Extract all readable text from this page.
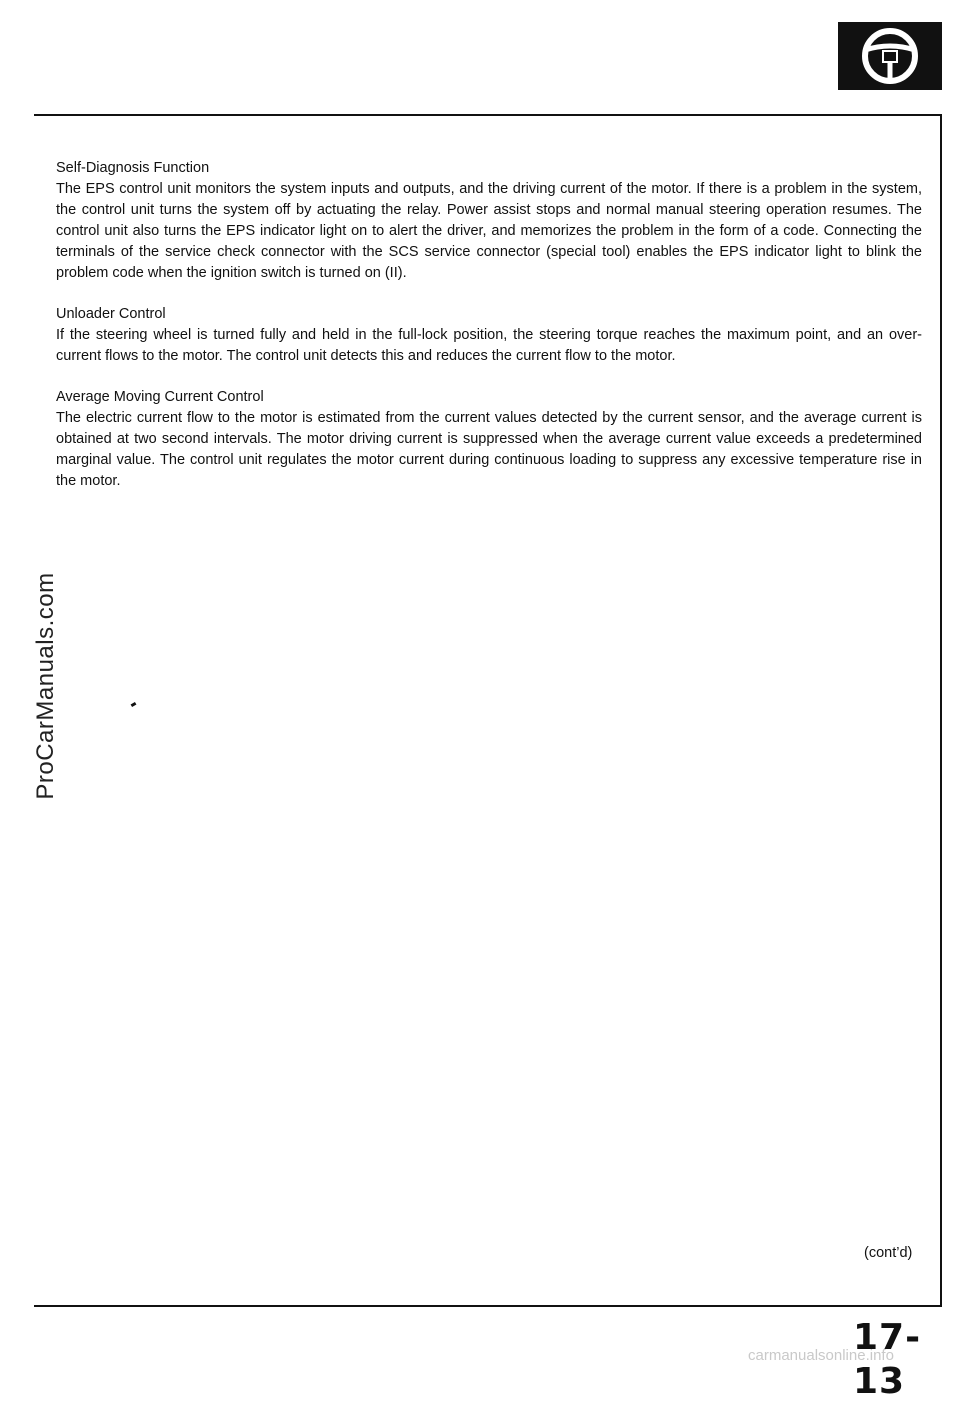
Self-Diagnosis Function

The EPS control unit monitors the system inputs and outputs, and the driving current of the motor. If there is a problem in the system, the control unit turns the system off by actuating the relay. Power assist stops and normal manual steering operation resumes. The control unit also turns the EPS indicator light on to alert the driver, and memorizes the problem in the form of a code. Connecting the terminals of the service check connector with the SCS service connector (special tool) enables the EPS indicator light to blink the problem code when the ignition switch is turned on (II).

Unloader Control

If the steering wheel is turned fully and held in the full-lock position, the steering torque reaches the maximum point, and an over-current flows to the motor. The control unit detects this and reduces the current flow to the motor.

Average Moving Current Control

The electric current flow to the motor is estimated from the current values detected by the current sensor, and the average current is obtained at two second intervals. The motor driving current is suppressed when the average current value exceeds a predetermined marginal value. The control unit regulates the motor current during continuous loading to suppress any excessive temperature rise in the motor.

ProCarManuals.com
(cont’d)
17-13
carmanualsonline.info
